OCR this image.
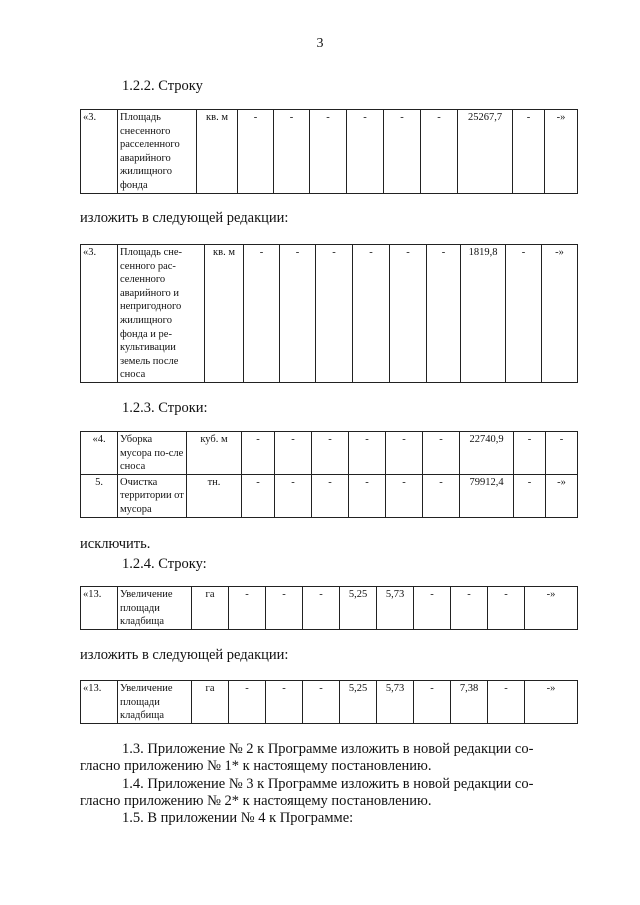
3
1.2.2. Строку
«3.	Площадь снесенного расселенного аварийного жилищного фонда	кв. м	-	-	-	-	-	-	25267,7	-	-»
изложить в следующей редакции:
«3.	Площадь сне-сенного рас-селенного аварийного и непригодного жилищного фонда и ре-культивации земель после сноса	кв. м	-	-	-	-	-	-	1819,8	-	-»
1.2.3. Строки:
«4.	Уборка мусора по-сле сноса	куб. м	-	-	-	-	-	-	22740,9	-	-
5.	Очистка территории от мусора	тн.	-	-	-	-	-	-	79912,4	-	-»
исключить.
1.2.4. Строку:
«13.	Увеличение площади кладбища	га	-	-	-	5,25	5,73	-	-	-	-»
изложить в следующей редакции:
«13.	Увеличение площади кладбища	га	-	-	-	5,25	5,73	-	7,38	-	-»
1.3. Приложение № 2 к Программе изложить в новой редакции со-
гласно приложению № 1* к настоящему постановлению.
1.4. Приложение № 3 к Программе изложить в новой редакции со-
гласно приложению № 2* к настоящему постановлению.
1.5. В приложении № 4 к Программе:
